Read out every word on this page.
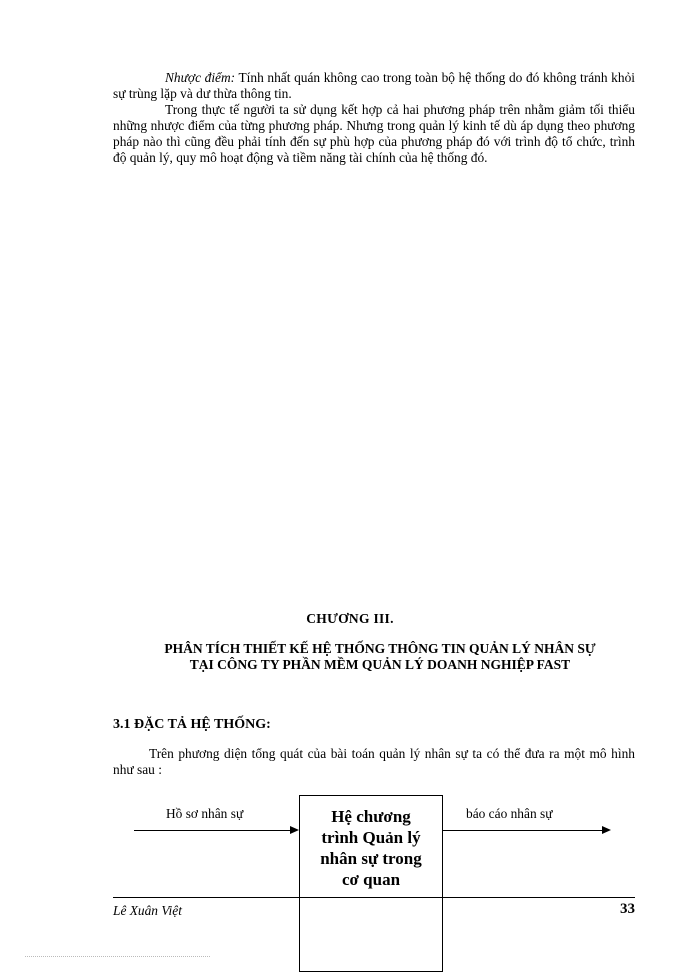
Nhược điểm: Tính nhất quán không cao trong toàn bộ hệ thống do đó không tránh khỏi sự trùng lặp và dư thừa thông tin.

Trong thực tế người ta sử dụng kết hợp cả hai phương pháp trên nhằm giảm tối thiểu những nhược điểm của từng phương pháp. Nhưng trong quản lý kinh tế dù áp dụng theo phương pháp nào thì cũng đều phải tính đến sự phù hợp của phương pháp đó với trình độ tổ chức, trình độ quản lý, quy mô hoạt động và tiềm năng tài chính của hệ thống đó.

CHƯƠNG III.
PHÂN TÍCH THIẾT KẾ HỆ THỐNG THÔNG TIN QUẢN LÝ NHÂN SỰ
TẠI CÔNG TY PHẦN MỀM QUẢN LÝ DOANH NGHIỆP FAST
3.1 ĐẶC TẢ HỆ THỐNG:

Trên phương diện tổng quát của bài toán quản lý nhân sự ta có thể đưa ra một mô hình như sau :

Hồ sơ nhân sự	Hệ chương
trình Quản lý
nhân sự trong
cơ quan
báo cáo nhân sự
Lê Xuân Việt	33
